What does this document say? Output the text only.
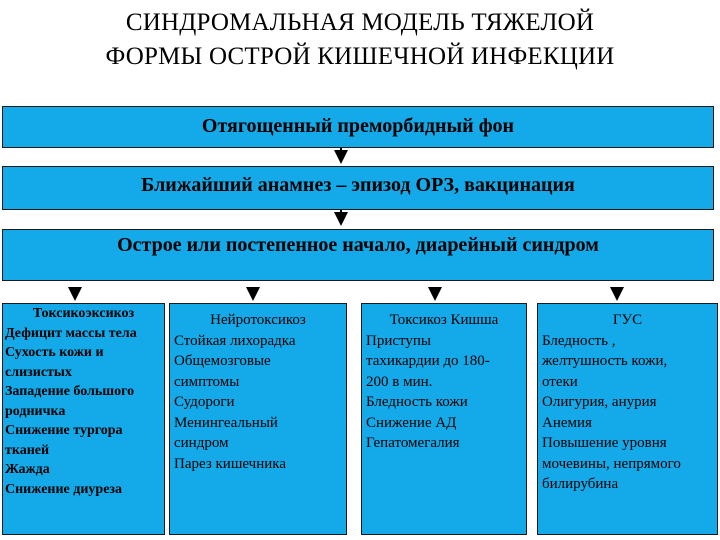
СИНДРОМАЛЬНАЯ МОДЕЛЬ ТЯЖЕЛОЙ
ФОРМЫ ОСТРОЙ КИШЕЧНОЙ ИНФЕКЦИИ
Отягощенный преморбидный фон
Ближайший анамнез – эпизод ОРЗ, вакцинация
Острое или постепенное начало, диарейный синдром
Токсикоэксикоз
Дефицит массы тела
Сухость кожи и
слизистых
Западение большого
родничка
Снижение тургора
тканей
Жажда
Снижение диуреза
Нейротоксикоз
Стойкая лихорадка
Общемозговые
симптомы
Судороги
Менингеальный
синдром
Парез кишечника
Токсикоз Кишша
Приступы
тахикардии до 180-
200 в мин.
Бледность кожи
Снижение АД
Гепатомегалия
ГУС
Бледность ,
желтушность кожи,
отеки
Олигурия, анурия
Анемия
Повышение уровня
мочевины, непрямого
билирубина
